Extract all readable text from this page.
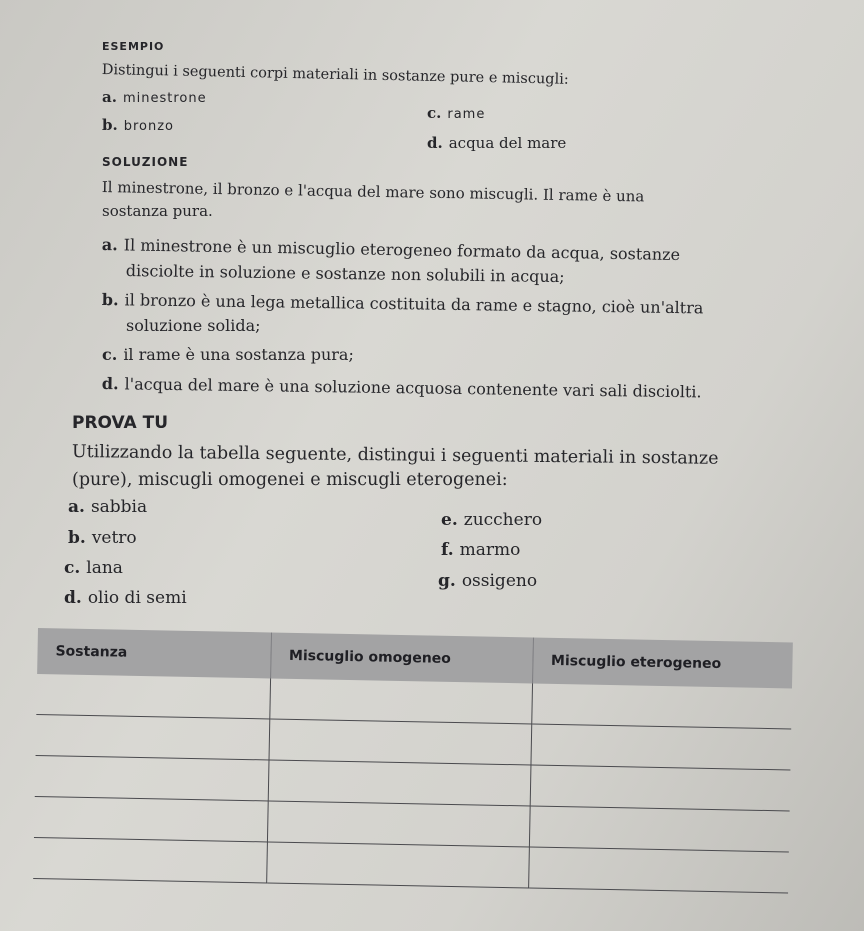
ESEMPIO
Distingui i seguenti corpi materiali in sostanze pure e miscugli:
a. minestrone
b. bronzo
c. rame
d. acqua del mare
SOLUZIONE
Il minestrone, il bronzo e l'acqua del mare sono miscugli. Il rame è una
sostanza pura.
a. Il minestrone è un miscuglio eterogeneo formato da acqua, sostanze
disciolte in soluzione e sostanze non solubili in acqua;
b. il bronzo è una lega metallica costituita da rame e stagno, cioè un'altra
soluzione solida;
c. il rame è una sostanza pura;
d. l'acqua del mare è una soluzione acquosa contenente vari sali disciolti.
PROVA TU
Utilizzando la tabella seguente, distingui i seguenti materiali in sostanze
(pure), miscugli omogenei e miscugli eterogenei:
a. sabbia
b. vetro
c. lana
d. olio di semi
e. zucchero
f. marmo
g. ossigeno
Sostanza	Miscuglio omogeneo	Miscuglio eterogeneo
